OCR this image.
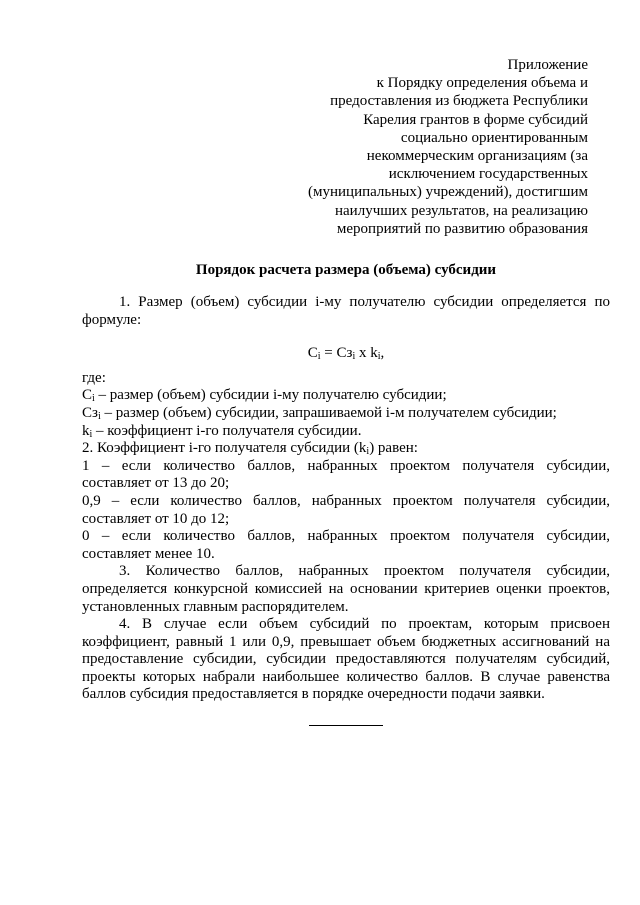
Приложение
к Порядку определения объема и
предоставления из бюджета Республики
Карелия грантов в форме субсидий
социально ориентированным
некоммерческим организациям (за
исключением государственных
(муниципальных) учреждений), достигшим
наилучших результатов, на реализацию
мероприятий по развитию образования
Порядок расчета размера (объема) субсидии

1. Размер (объем) субсидии i-му получателю субсидии определяется по формуле:

$C_i = Cз_i$ x $k_i$,

где:

$C_i$ – размер (объем) субсидии i-му получателю субсидии;

$Cз_i$ – размер (объем) субсидии, запрашиваемой i-м получателем субсидии;

$k_i$ – коэффициент i-го получателя субсидии.

2. Коэффициент i-го получателя субсидии $(k_i)$ равен:

1 – если количество баллов, набранных проектом получателя субсидии, составляет от 13 до 20;

0,9 – если количество баллов, набранных проектом получателя субсидии, составляет от 10 до 12;

0 – если количество баллов, набранных проектом получателя субсидии, составляет менее 10.

3. Количество баллов, набранных проектом получателя субсидии, определяется конкурсной комиссией на основании критериев оценки проектов, установленных главным распорядителем.

4. В случае если объем субсидий по проектам, которым присвоен коэффициент, равный 1 или 0,9, превышает объем бюджетных ассигнований на предоставление субсидии, субсидии предоставляются получателям субсидий, проекты которых набрали наибольшее количество баллов. В случае равенства баллов субсидия предоставляется в порядке очередности подачи заявки.
